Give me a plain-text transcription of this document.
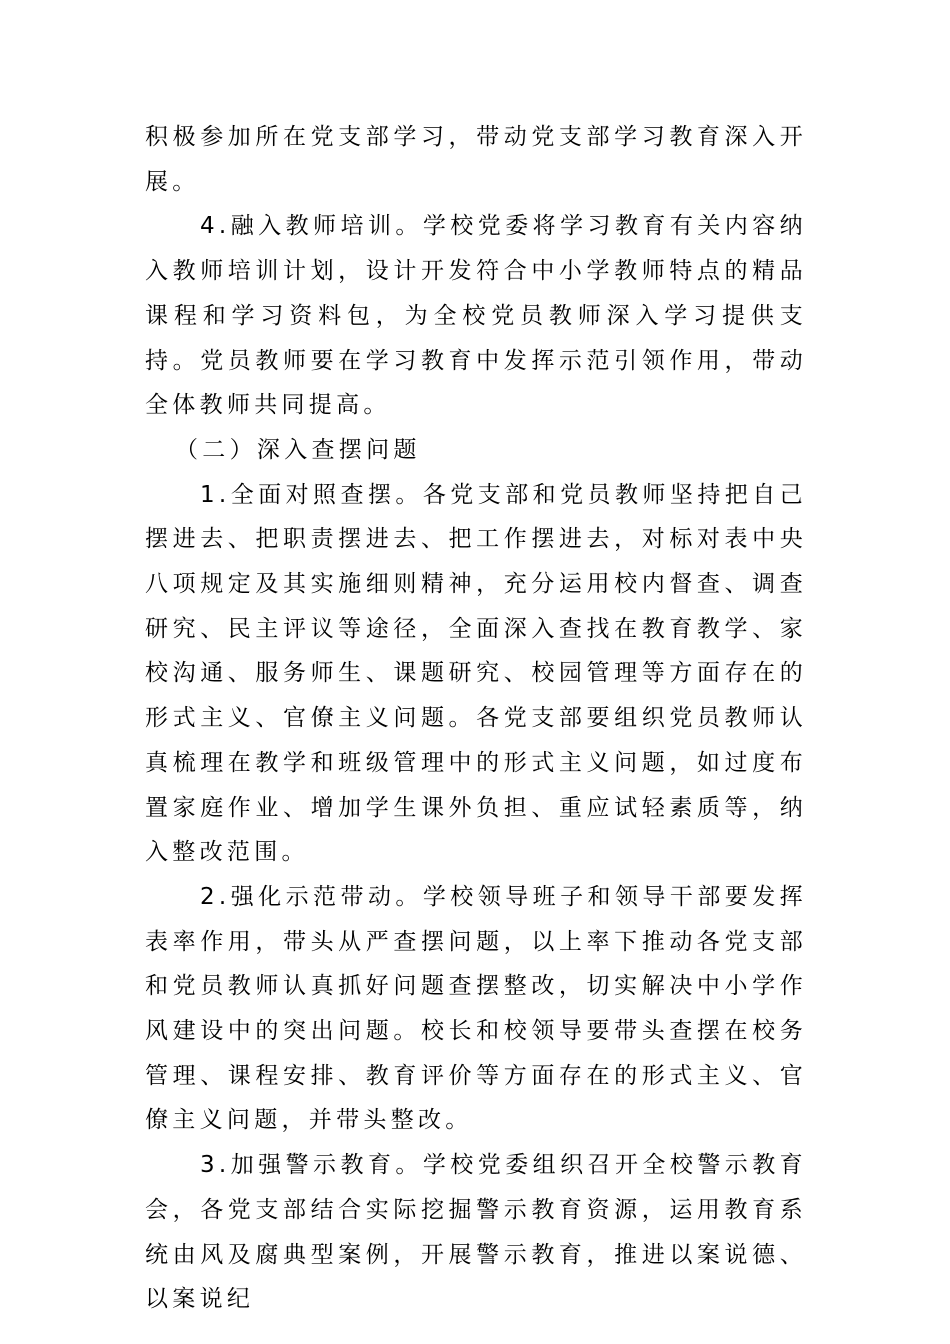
积极参加所在党支部学习，带动党支部学习教育深入开展。

4.融入教师培训。学校党委将学习教育有关内容纳入教师培训计划，设计开发符合中小学教师特点的精品课程和学习资料包，为全校党员教师深入学习提供支持。党员教师要在学习教育中发挥示范引领作用，带动全体教师共同提高。

（二）深入查摆问题

1.全面对照查摆。各党支部和党员教师坚持把自己摆进去、把职责摆进去、把工作摆进去，对标对表中央八项规定及其实施细则精神，充分运用校内督查、调查研究、民主评议等途径，全面深入查找在教育教学、家校沟通、服务师生、课题研究、校园管理等方面存在的形式主义、官僚主义问题。各党支部要组织党员教师认真梳理在教学和班级管理中的形式主义问题，如过度布置家庭作业、增加学生课外负担、重应试轻素质等，纳入整改范围。

2.强化示范带动。学校领导班子和领导干部要发挥表率作用，带头从严查摆问题，以上率下推动各党支部和党员教师认真抓好问题查摆整改，切实解决中小学作风建设中的突出问题。校长和校领导要带头查摆在校务管理、课程安排、教育评价等方面存在的形式主义、官僚主义问题，并带头整改。

3.加强警示教育。学校党委组织召开全校警示教育会，各党支部结合实际挖掘警示教育资源，运用教育系统由风及腐典型案例，开展警示教育，推进以案说德、以案说纪
